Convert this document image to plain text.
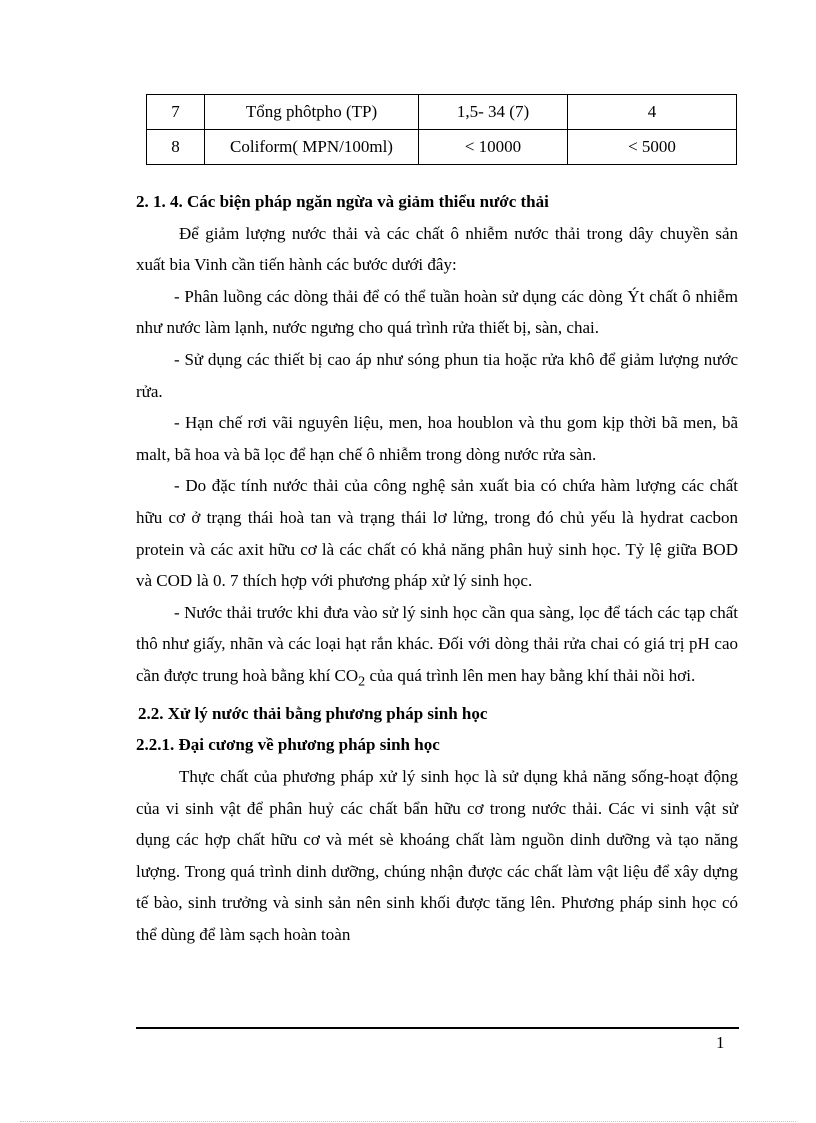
7	Tổng phôtpho (TP)	1,5- 34 (7)	4
8	Coliform( MPN/100ml)	< 10000	< 5000
2. 1. 4. Các biện pháp ngăn ngừa và giảm thiểu nước thải

Để giảm lượng nước thải và các chất ô nhiễm nước thải trong dây chuyền sản xuất bia Vinh cần tiến hành các bước dưới đây:

- Phân luồng các dòng thải để có thể tuần hoàn sử dụng các dòng Ýt chất ô nhiễm như nước làm lạnh, nước ngưng cho quá trình rửa thiết bị, sàn, chai.

- Sử dụng các thiết bị cao áp như sóng phun tia hoặc rửa khô để giảm lượng nước rửa.

- Hạn chế rơi vãi nguyên liệu, men, hoa houblon và thu gom kịp thời bã men, bã malt, bã hoa và bã lọc để hạn chế ô nhiễm trong dòng nước rửa sàn.

- Do đặc tính nước thải của công nghệ sản xuất bia có chứa hàm lượng các chất hữu cơ ở trạng thái hoà tan và trạng thái lơ lửng, trong đó chủ yếu là hydrat cacbon protein và các axit hữu cơ là các chất có khả năng phân huỷ sinh học. Tỷ lệ giữa BOD và COD là 0. 7 thích hợp với phương pháp xử lý sinh học.

- Nước thải trước khi đưa vào sử lý sinh học cần qua sàng, lọc để tách các tạp chất thô như giấy, nhãn và các loại hạt rắn khác. Đối với dòng thải rửa chai có giá trị pH cao cần được trung hoà bằng khí $CO_2$ của quá trình lên men hay bằng khí thải nồi hơi.

2.2. Xử lý nước thải bằng phương pháp sinh học
2.2.1. Đại cương về phương pháp sinh học

Thực chất của phương pháp xử lý sinh học là sử dụng khả năng sống-hoạt động của vi sinh vật để phân huỷ các chất bẩn hữu cơ trong nước thải. Các vi sinh vật sử dụng các hợp chất hữu cơ và mét sè khoáng chất làm nguồn dinh dưỡng và tạo năng lượng. Trong quá trình dinh dưỡng, chúng nhận được các chất làm vật liệu để xây dựng tế bào, sinh trưởng và sinh sản nên sinh khối được tăng lên. Phương pháp sinh học có thể dùng để làm sạch hoàn toàn

1
